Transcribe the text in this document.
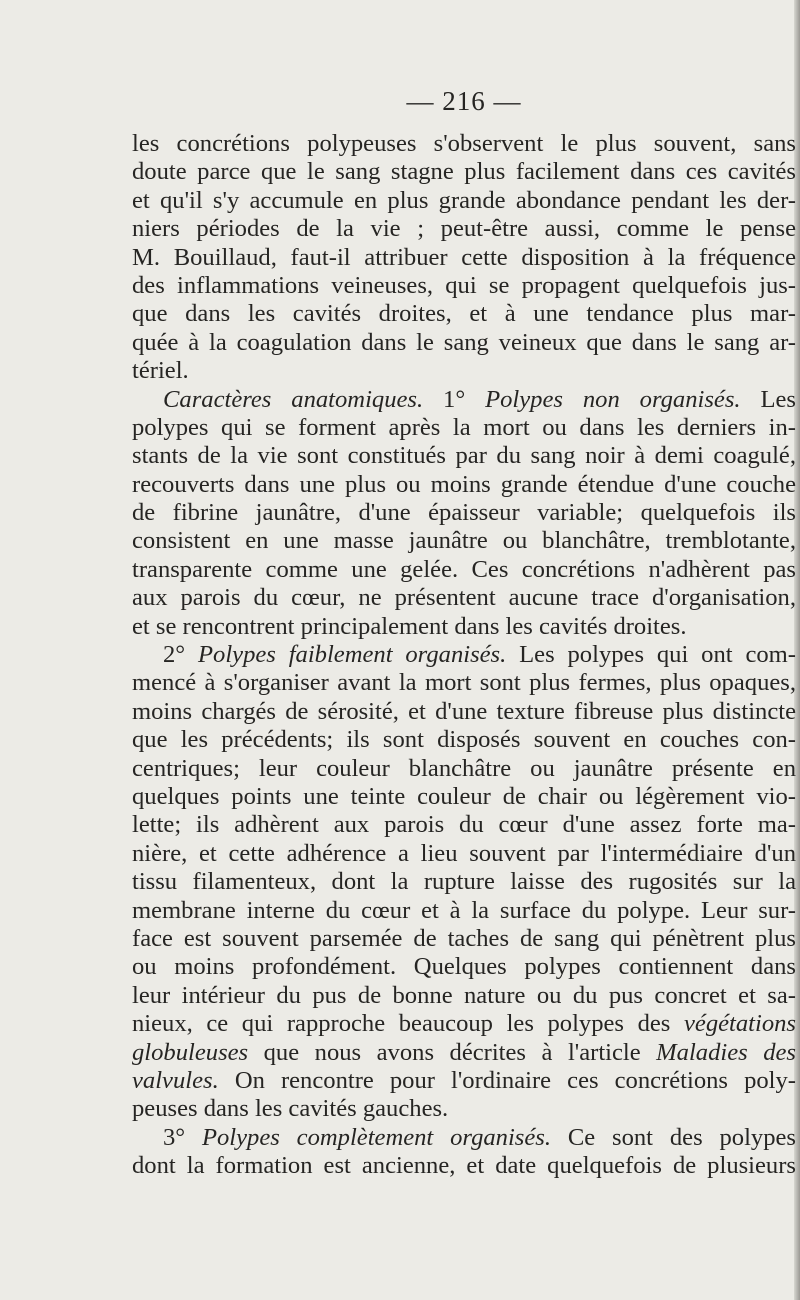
— 216 —
les concrétions polypeuses s'observent le plus souvent, sans
doute parce que le sang stagne plus facilement dans ces cavités
et qu'il s'y accumule en plus grande abondance pendant les der-
niers périodes de la vie ; peut-être aussi, comme le pense
M. Bouillaud, faut-il attribuer cette disposition à la fréquence
des inflammations veineuses, qui se propagent quelquefois jus-
que dans les cavités droites, et à une tendance plus mar-
quée à la coagulation dans le sang veineux que dans le sang ar-
tériel.
Caractères anatomiques. 1° Polypes non organisés. Les
polypes qui se forment après la mort ou dans les derniers in-
stants de la vie sont constitués par du sang noir à demi coagulé,
recouverts dans une plus ou moins grande étendue d'une couche
de fibrine jaunâtre, d'une épaisseur variable; quelquefois ils
consistent en une masse jaunâtre ou blanchâtre, tremblotante,
transparente comme une gelée. Ces concrétions n'adhèrent pas
aux parois du cœur, ne présentent aucune trace d'organisation,
et se rencontrent principalement dans les cavités droites.
2° Polypes faiblement organisés. Les polypes qui ont com-
mencé à s'organiser avant la mort sont plus fermes, plus opaques,
moins chargés de sérosité, et d'une texture fibreuse plus distincte
que les précédents; ils sont disposés souvent en couches con-
centriques; leur couleur blanchâtre ou jaunâtre présente en
quelques points une teinte couleur de chair ou légèrement vio-
lette; ils adhèrent aux parois du cœur d'une assez forte ma-
nière, et cette adhérence a lieu souvent par l'intermédiaire d'un
tissu filamenteux, dont la rupture laisse des rugosités sur la
membrane interne du cœur et à la surface du polype. Leur sur-
face est souvent parsemée de taches de sang qui pénètrent plus
ou moins profondément. Quelques polypes contiennent dans
leur intérieur du pus de bonne nature ou du pus concret et sa-
nieux, ce qui rapproche beaucoup les polypes des végétations
globuleuses que nous avons décrites à l'article Maladies des
valvules. On rencontre pour l'ordinaire ces concrétions poly-
peuses dans les cavités gauches.
3° Polypes complètement organisés. Ce sont des polypes
dont la formation est ancienne, et date quelquefois de plusieurs
